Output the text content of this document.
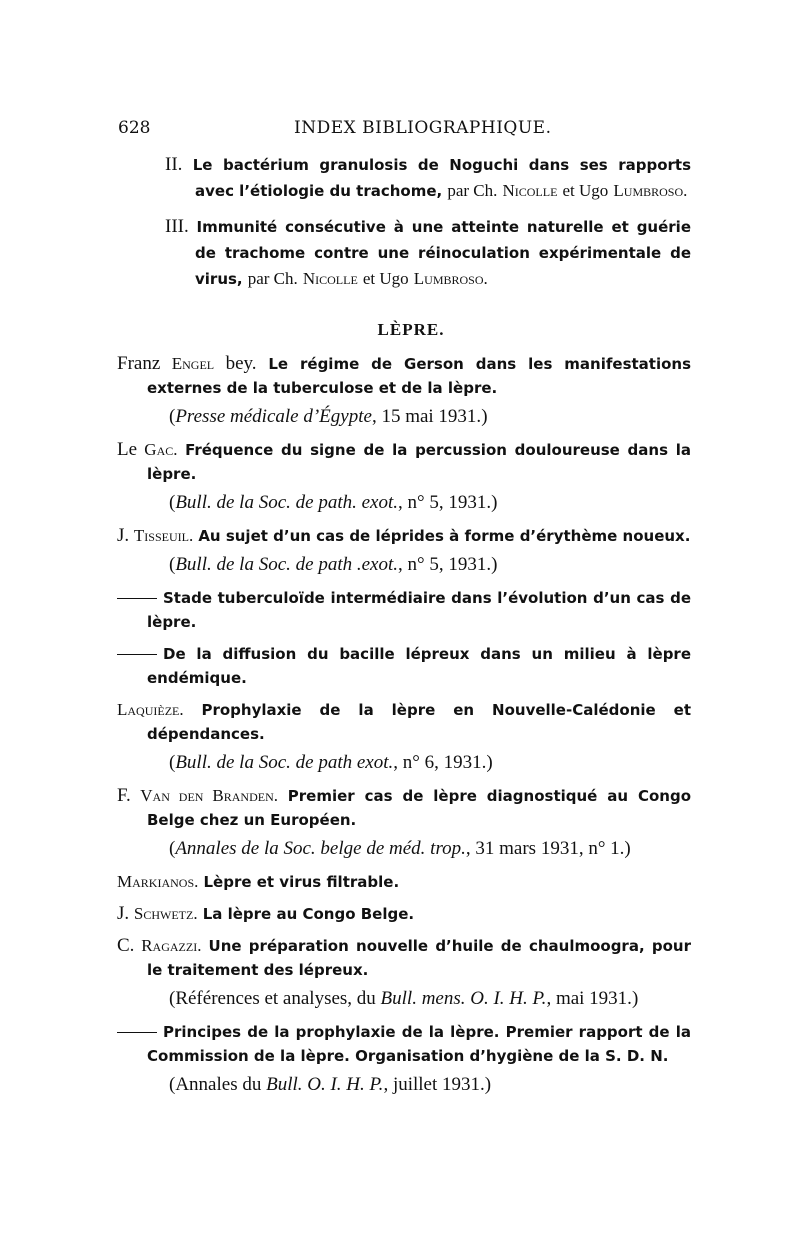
628	INDEX BIBLIOGRAPHIQUE.

II. Le bactérium granulosis de Noguchi dans ses rapports avec l’étiologie du trachome, par Ch. Nicolle et Ugo Lumbroso.

III. Immunité consécutive à une atteinte naturelle et guérie de trachome contre une réinoculation expérimentale de virus, par Ch. Nicolle et Ugo Lumbroso.

LÈPRE.

Franz Engel bey. Le régime de Gerson dans les manifestations externes de la tuberculose et de la lèpre.

(Presse médicale d’Égypte, 15 mai 1931.)

Le Gac. Fréquence du signe de la percussion douloureuse dans la lèpre.

(Bull. de la Soc. de path. exot., n° 5, 1931.)

J. Tisseuil. Au sujet d’un cas de léprides à forme d’érythème noueux.

(Bull. de la Soc. de path .exot., n° 5, 1931.)

Stade tuberculoïde intermédiaire dans l’évolution d’un cas de lèpre.

De la diffusion du bacille lépreux dans un milieu à lèpre endémique.

Laquièze. Prophylaxie de la lèpre en Nouvelle-Calédonie et dépendances.

(Bull. de la Soc. de path exot., n° 6, 1931.)

F. Van den Branden. Premier cas de lèpre diagnostiqué au Congo Belge chez un Européen.

(Annales de la Soc. belge de méd. trop., 31 mars 1931, n° 1.)

Markianos. Lèpre et virus filtrable.

J. Schwetz. La lèpre au Congo Belge.

C. Ragazzi. Une préparation nouvelle d’huile de chaulmoogra, pour le traitement des lépreux.

(Références et analyses, du Bull. mens. O. I. H. P., mai 1931.)

Principes de la prophylaxie de la lèpre. Premier rapport de la Commission de la lèpre. Organisation d’hygiène de la S. D. N.

(Annales du Bull. O. I. H. P., juillet 1931.)
